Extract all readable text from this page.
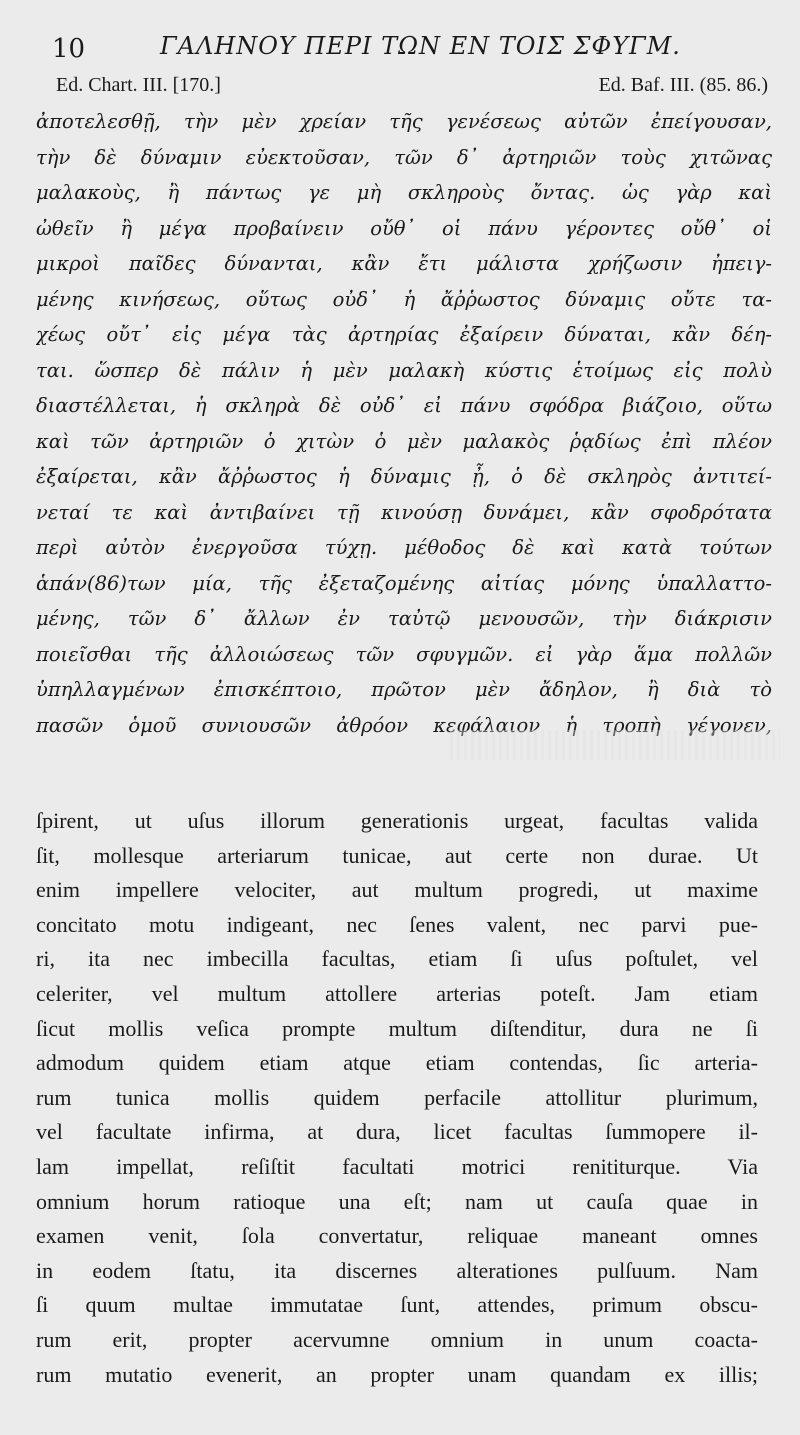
10	ΓΑΛΗΝΟΥ ΠΕΡΙ ΤΩΝ ΕΝ ΤΟΙΣ ΣΦΥΓΜ.
Ed. Chart. III. [170.]	Ed. Baf. III. (85. 86.)
ἀποτελεσθῇ, τὴν μὲν χρείαν τῆς γενέσεως αὐτῶν ἐπείγουσαν,
τὴν δὲ δύναμιν εὐεκτοῦσαν, τῶν δ᾽ ἀρτηριῶν τοὺς χιτῶνας
μαλακοὺς, ἢ πάντως γε μὴ σκληροὺς ὄντας. ὡς γὰρ καὶ
ὠθεῖν ἢ μέγα προβαίνειν οὔθ᾽ οἱ πάνυ γέροντες οὔθ᾽ οἱ
μικροὶ παῖδες δύνανται, κἂν ἔτι μάλιστα χρήζωσιν ἠπειγ-
μένης κινήσεως, οὕτως οὐδ᾽ ἡ ἄῤῥωστος δύναμις οὔτε τα-
χέως οὔτ᾽ εἰς μέγα τὰς ἀρτηρίας ἐξαίρειν δύναται, κἂν δέη-
ται. ὥσπερ δὲ πάλιν ἡ μὲν μαλακὴ κύστις ἑτοίμως εἰς πολὺ
διαστέλλεται, ἡ σκληρὰ δὲ οὐδ᾽ εἰ πάνυ σφόδρα βιάζοιο, οὕτω
καὶ τῶν ἀρτηριῶν ὁ χιτὼν ὁ μὲν μαλακὸς ῥᾳδίως ἐπὶ πλέον
ἐξαίρεται, κἂν ἄῤῥωστος ἡ δύναμις ᾖ, ὁ δὲ σκληρὸς ἀντιτεί-
νεταί τε καὶ ἀντιβαίνει τῇ κινούσῃ δυνάμει, κἂν σφοδρότατα
περὶ αὐτὸν ἐνεργοῦσα τύχῃ. μέθοδος δὲ καὶ κατὰ τούτων
ἁπάν(86)των μία, τῆς ἐξεταζομένης αἰτίας μόνης ὑπαλλαττο-
μένης, τῶν δ᾽ ἄλλων ἐν ταὐτῷ μενουσῶν, τὴν διάκρισιν
ποιεῖσθαι τῆς ἀλλοιώσεως τῶν σφυγμῶν. εἰ γὰρ ἅμα πολλῶν
ὑπηλλαγμένων ἐπισκέπτοιο, πρῶτον μὲν ἄδηλον, ἢ διὰ τὸ
πασῶν ὁμοῦ συνιουσῶν ἀθρόον κεφάλαιον ἡ τροπὴ γέγονεν,
ſpirent, ut uſus illorum generationis urgeat, facultas valida
ſit, mollesque arteriarum tunicae, aut certe non durae. Ut
enim impellere velociter, aut multum progredi, ut maxime
concitato motu indigeant, nec ſenes valent, nec parvi pue-
ri, ita nec imbecilla facultas, etiam ſi uſus poſtulet, vel
celeriter, vel multum attollere arterias poteſt. Jam etiam
ſicut mollis veſica prompte multum diſtenditur, dura ne ſi
admodum quidem etiam atque etiam contendas, ſic arteria-
rum tunica mollis quidem perfacile attollitur plurimum,
vel facultate infirma, at dura, licet facultas ſummopere il-
lam impellat, reſiſtit facultati motrici renititurque. Via
omnium horum ratioque una eſt; nam ut cauſa quae in
examen venit, ſola convertatur, reliquae maneant omnes
in eodem ſtatu, ita discernes alterationes pulſuum. Nam
ſi quum multae immutatae ſunt, attendes, primum obscu-
rum erit, propter acervumne omnium in unum coacta-
rum mutatio evenerit, an propter unam quandam ex illis;
